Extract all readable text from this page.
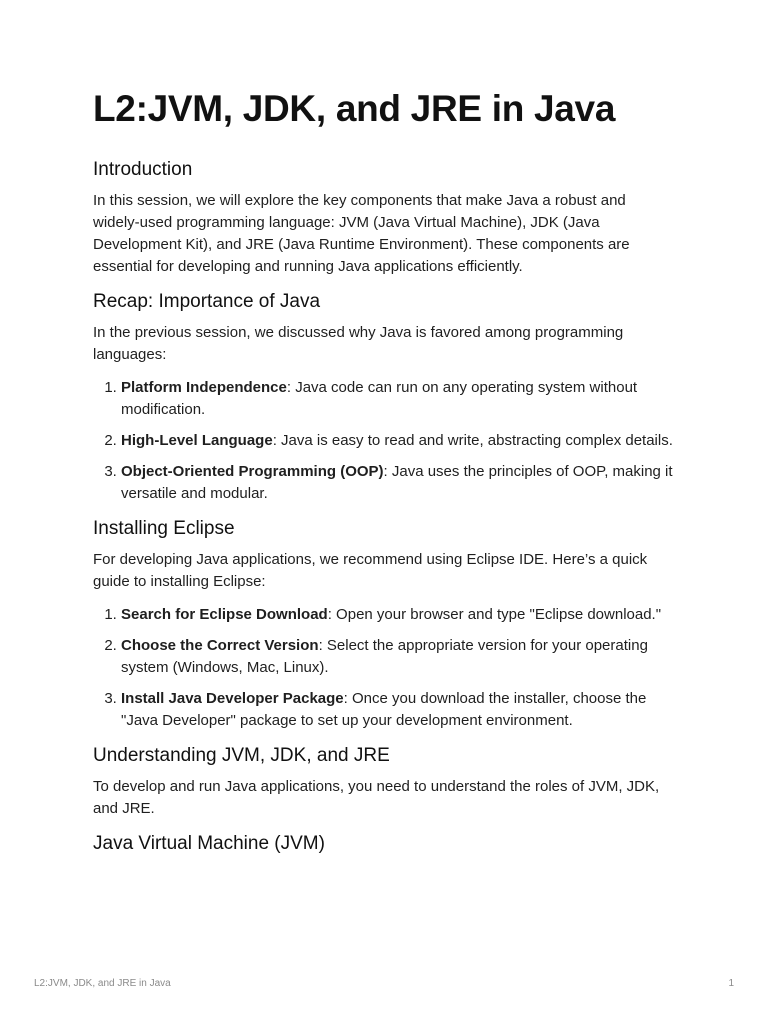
L2:JVM, JDK, and JRE in Java
Introduction

In this session, we will explore the key components that make Java a robust and widely-used programming language: JVM (Java Virtual Machine), JDK (Java Development Kit), and JRE (Java Runtime Environment). These components are essential for developing and running Java applications efficiently.

Recap: Importance of Java

In the previous session, we discussed why Java is favored among programming languages:

1. Platform Independence: Java code can run on any operating system without modification.
2. High-Level Language: Java is easy to read and write, abstracting complex details.
3. Object-Oriented Programming (OOP): Java uses the principles of OOP, making it versatile and modular.
Installing Eclipse

For developing Java applications, we recommend using Eclipse IDE. Here’s a quick guide to installing Eclipse:

1. Search for Eclipse Download: Open your browser and type "Eclipse download."
2. Choose the Correct Version: Select the appropriate version for your operating system (Windows, Mac, Linux).
3. Install Java Developer Package: Once you download the installer, choose the "Java Developer" package to set up your development environment.
Understanding JVM, JDK, and JRE

To develop and run Java applications, you need to understand the roles of JVM, JDK, and JRE.

Java Virtual Machine (JVM)
L2:JVM, JDK, and JRE in Java	1
